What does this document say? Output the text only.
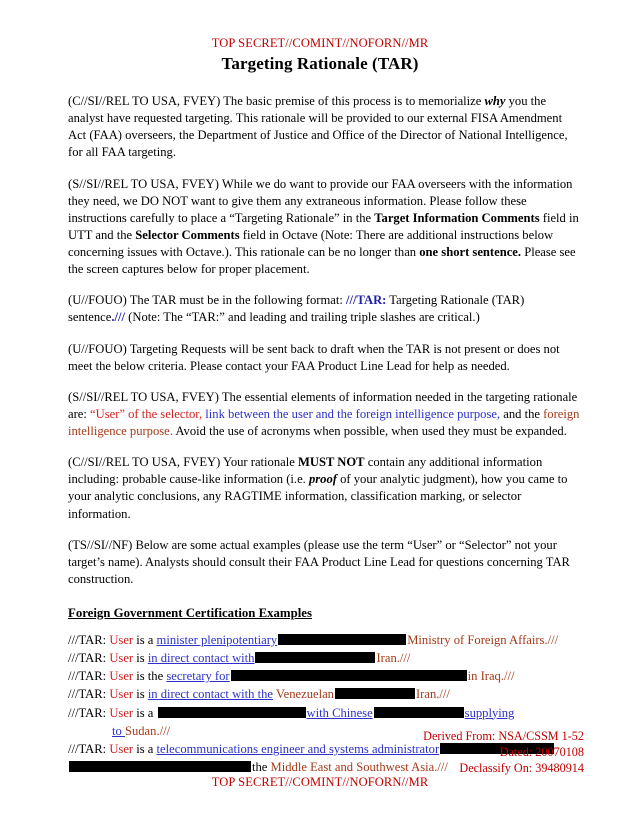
TOP SECRET//COMINT//NOFORN//MR
Targeting Rationale (TAR)

(C//SI//REL TO USA, FVEY) The basic premise of this process is to memorialize why you the analyst have requested targeting. This rationale will be provided to our external FISA Amendment Act (FAA) overseers, the Department of Justice and Office of the Director of National Intelligence, for all FAA targeting.

(S//SI//REL TO USA, FVEY) While we do want to provide our FAA overseers with the information they need, we DO NOT want to give them any extraneous information. Please follow these instructions carefully to place a “Targeting Rationale” in the Target Information Comments field in UTT and the Selector Comments field in Octave (Note: There are additional instructions below concerning issues with Octave.). This rationale can be no longer than one short sentence. Please see the screen captures below for proper placement.

(U//FOUO) The TAR must be in the following format: ///TAR: Targeting Rationale (TAR) sentence./// (Note: The “TAR:” and leading and trailing triple slashes are critical.)

(U//FOUO) Targeting Requests will be sent back to draft when the TAR is not present or does not meet the below criteria. Please contact your FAA Product Line Lead for help as needed.

(S//SI//REL TO USA, FVEY) The essential elements of information needed in the targeting rationale are: “User” of the selector, link between the user and the foreign intelligence purpose, and the foreign intelligence purpose. Avoid the use of acronyms when possible, when used they must be expanded.

(C//SI//REL TO USA, FVEY) Your rationale MUST NOT contain any additional information including: probable cause-like information (i.e. proof of your analytic judgment), how you came to your analytic conclusions, any RAGTIME information, classification marking, or selector information.

(TS//SI//NF) Below are some actual examples (please use the term “User” or “Selector” not your target’s name). Analysts should consult their FAA Product Line Lead for questions concerning TAR construction.

Foreign Government Certification Examples
///TAR: User is a minister plenipotentiary	Ministry of Foreign Affairs.///
///TAR: User is in direct contact with	Iran.///
///TAR: User is the secretary for	in Iraq.///
///TAR: User is in direct contact with the Venezuelan	Iran.///
///TAR: User is a	with Chinese	supplying
to Sudan.///
///TAR: User is a telecommunications engineer and systems administrator
the Middle East and Southwest Asia.///
Derived From: NSA/CSSM 1-52
Dated: 20070108
Declassify On: 39480914
TOP SECRET//COMINT//NOFORN//MR
